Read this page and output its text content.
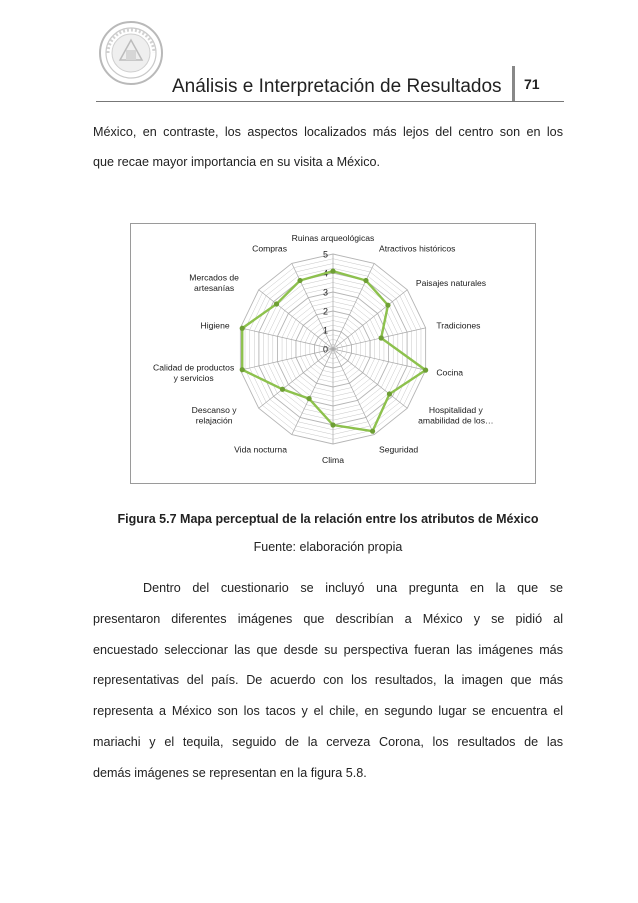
Análisis e Interpretación de Resultados 71
México, en contraste, los aspectos localizados más lejos del centro son en los
que recae mayor importancia en su visita a México.
0
1
2
3
4
5
Ruinas arqueológicas
Atractivos históricos
Paisajes naturales
Tradiciones
Cocina
Hospitalidad y amabilidad de los…
Seguridad
Clima
Vida nocturna
Descanso y relajación
Calidad de productos y servicios
Higiene
Mercados de artesanías
Compras
Figura 5.7 Mapa perceptual de la relación entre los atributos de México
Fuente: elaboración propia
Dentro del cuestionario se incluyó una pregunta en la que se
presentaron diferentes imágenes que describían a México y se pidió al
encuestado seleccionar las que desde su perspectiva fueran las imágenes más
representativas del país. De acuerdo con los resultados, la imagen que más
representa a México son los tacos y el chile, en segundo lugar se encuentra el
mariachi y el tequila, seguido de la cerveza Corona, los resultados de las
demás imágenes se representan en la figura 5.8.
